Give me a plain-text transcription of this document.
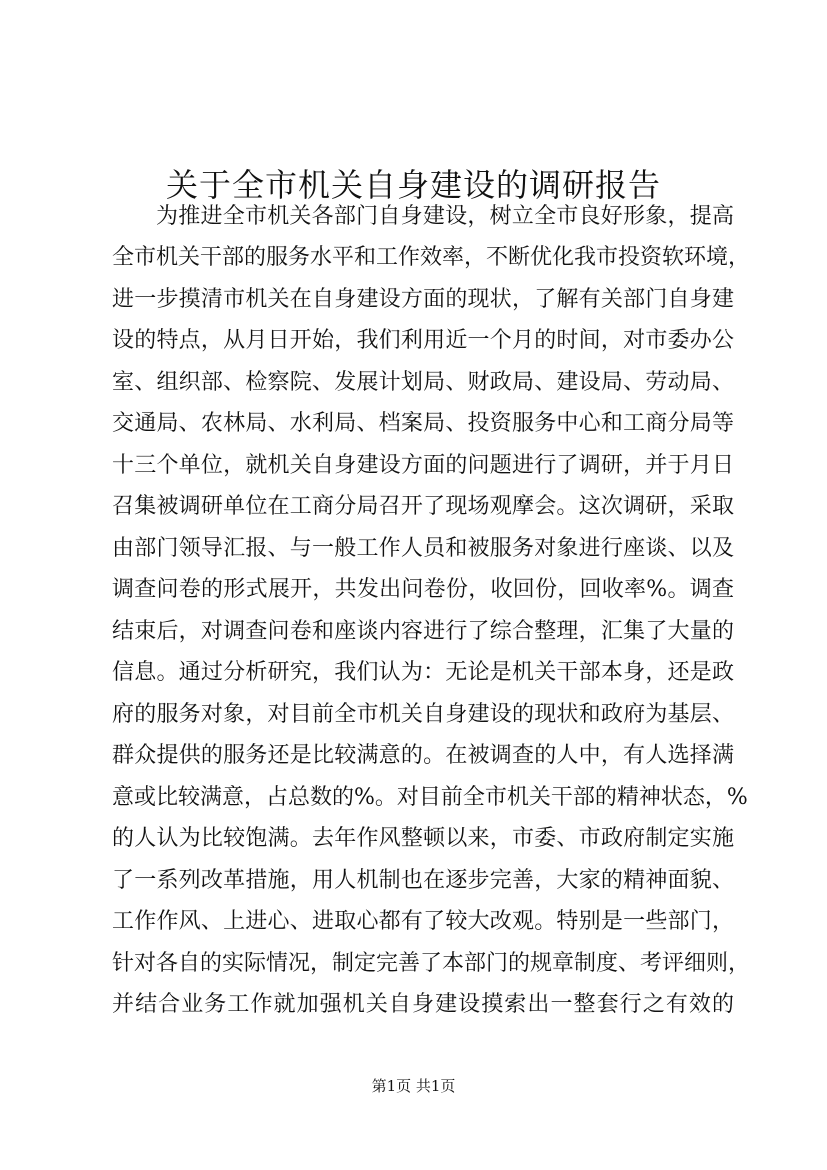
关于全市机关自身建设的调研报告
为推进全市机关各部门自身建设，树立全市良好形象，提高
全市机关干部的服务水平和工作效率，不断优化我市投资软环境，
进一步摸清市机关在自身建设方面的现状，了解有关部门自身建
设的特点，从月日开始，我们利用近一个月的时间，对市委办公
室、组织部、检察院、发展计划局、财政局、建设局、劳动局、
交通局、农林局、水利局、档案局、投资服务中心和工商分局等
十三个单位，就机关自身建设方面的问题进行了调研，并于月日
召集被调研单位在工商分局召开了现场观摩会。这次调研，采取
由部门领导汇报、与一般工作人员和被服务对象进行座谈、以及
调查问卷的形式展开，共发出问卷份，收回份，回收率%。调查
结束后，对调查问卷和座谈内容进行了综合整理，汇集了大量的
信息。通过分析研究，我们认为：无论是机关干部本身，还是政
府的服务对象，对目前全市机关自身建设的现状和政府为基层、
群众提供的服务还是比较满意的。在被调查的人中，有人选择满
意或比较满意，占总数的%。对目前全市机关干部的精神状态，%
的人认为比较饱满。去年作风整顿以来，市委、市政府制定实施
了一系列改革措施，用人机制也在逐步完善，大家的精神面貌、
工作作风、上进心、进取心都有了较大改观。特别是一些部门，
针对各自的实际情况，制定完善了本部门的规章制度、考评细则，
并结合业务工作就加强机关自身建设摸索出一整套行之有效的
第1页 共1页
